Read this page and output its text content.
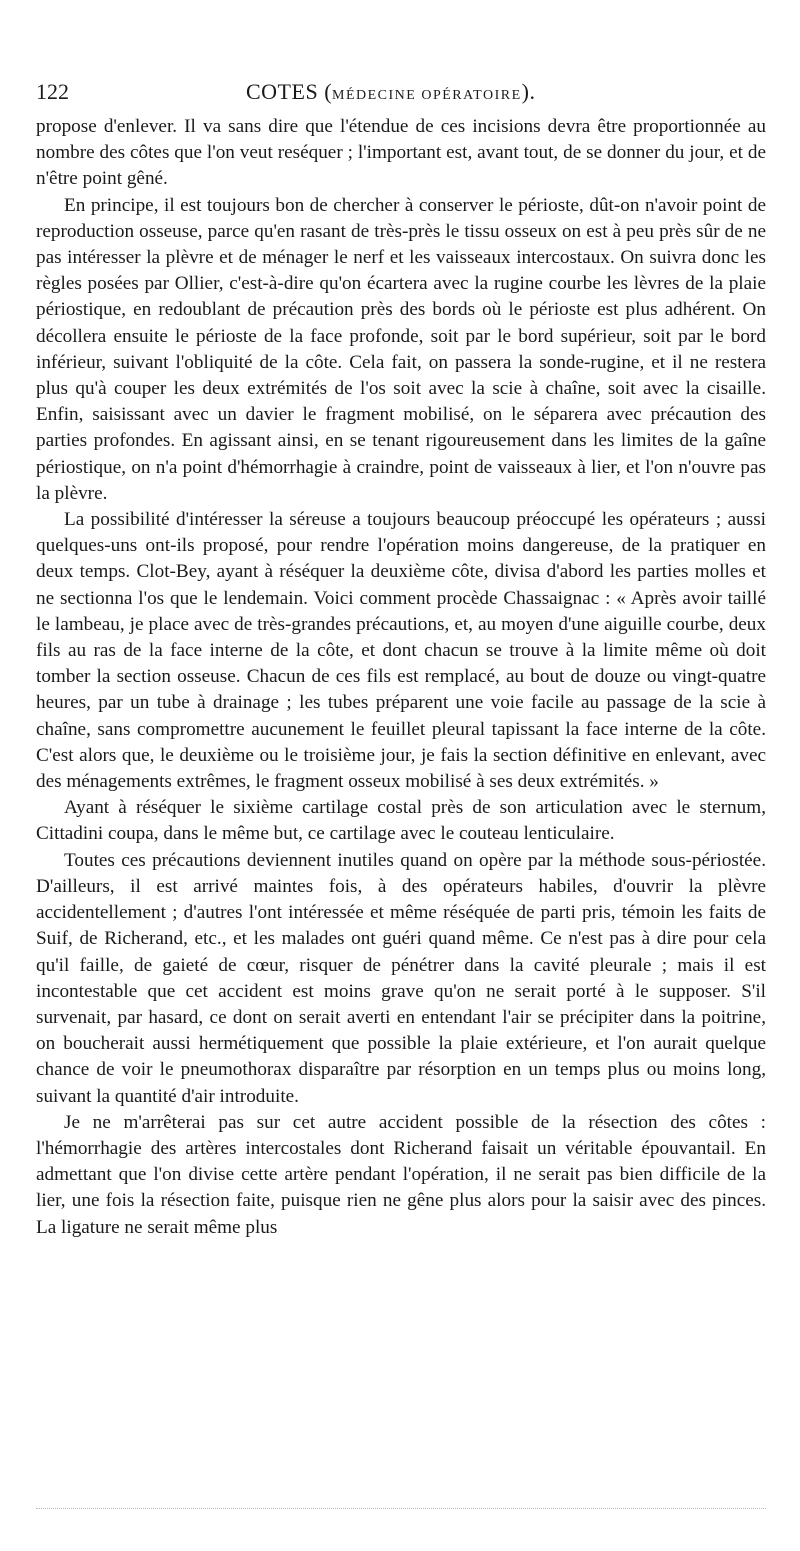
122	COTES (MÉDECINE OPÉRATOIRE).

propose d'enlever. Il va sans dire que l'étendue de ces incisions devra être proportionnée au nombre des côtes que l'on veut reséquer ; l'important est, avant tout, de se donner du jour, et de n'être point gêné.

En principe, il est toujours bon de chercher à conserver le périoste, dût-on n'avoir point de reproduction osseuse, parce qu'en rasant de très-près le tissu osseux on est à peu près sûr de ne pas intéresser la plèvre et de ménager le nerf et les vaisseaux intercostaux. On suivra donc les règles posées par Ollier, c'est-à-dire qu'on écartera avec la rugine courbe les lèvres de la plaie périostique, en redoublant de précaution près des bords où le périoste est plus adhérent. On décollera ensuite le périoste de la face profonde, soit par le bord supérieur, soit par le bord inférieur, suivant l'obliquité de la côte. Cela fait, on passera la sonde-rugine, et il ne restera plus qu'à couper les deux extrémités de l'os soit avec la scie à chaîne, soit avec la cisaille. Enfin, saisissant avec un davier le fragment mobilisé, on le séparera avec précaution des parties profondes. En agissant ainsi, en se tenant rigoureusement dans les limites de la gaîne périostique, on n'a point d'hémorrhagie à craindre, point de vaisseaux à lier, et l'on n'ouvre pas la plèvre.

La possibilité d'intéresser la séreuse a toujours beaucoup préoccupé les opérateurs ; aussi quelques-uns ont-ils proposé, pour rendre l'opération moins dangereuse, de la pratiquer en deux temps. Clot-Bey, ayant à réséquer la deuxième côte, divisa d'abord les parties molles et ne sectionna l'os que le lendemain. Voici comment procède Chassaignac : « Après avoir taillé le lambeau, je place avec de très-grandes précautions, et, au moyen d'une aiguille courbe, deux fils au ras de la face interne de la côte, et dont chacun se trouve à la limite même où doit tomber la section osseuse. Chacun de ces fils est remplacé, au bout de douze ou vingt-quatre heures, par un tube à drainage ; les tubes préparent une voie facile au passage de la scie à chaîne, sans compromettre aucunement le feuillet pleural tapissant la face interne de la côte. C'est alors que, le deuxième ou le troisième jour, je fais la section définitive en enlevant, avec des ménagements extrêmes, le fragment osseux mobilisé à ses deux extrémités. »

Ayant à réséquer le sixième cartilage costal près de son articulation avec le sternum, Cittadini coupa, dans le même but, ce cartilage avec le couteau lenticulaire.

Toutes ces précautions deviennent inutiles quand on opère par la méthode sous-périostée. D'ailleurs, il est arrivé maintes fois, à des opérateurs habiles, d'ouvrir la plèvre accidentellement ; d'autres l'ont intéressée et même réséquée de parti pris, témoin les faits de Suif, de Richerand, etc., et les malades ont guéri quand même. Ce n'est pas à dire pour cela qu'il faille, de gaieté de cœur, risquer de pénétrer dans la cavité pleurale ; mais il est incontestable que cet accident est moins grave qu'on ne serait porté à le supposer. S'il survenait, par hasard, ce dont on serait averti en entendant l'air se précipiter dans la poitrine, on boucherait aussi hermétiquement que possible la plaie extérieure, et l'on aurait quelque chance de voir le pneumothorax disparaître par résorption en un temps plus ou moins long, suivant la quantité d'air introduite.

Je ne m'arrêterai pas sur cet autre accident possible de la résection des côtes : l'hémorrhagie des artères intercostales dont Richerand faisait un véritable épouvantail. En admettant que l'on divise cette artère pendant l'opération, il ne serait pas bien difficile de la lier, une fois la résection faite, puisque rien ne gêne plus alors pour la saisir avec des pinces. La ligature ne serait même plus
